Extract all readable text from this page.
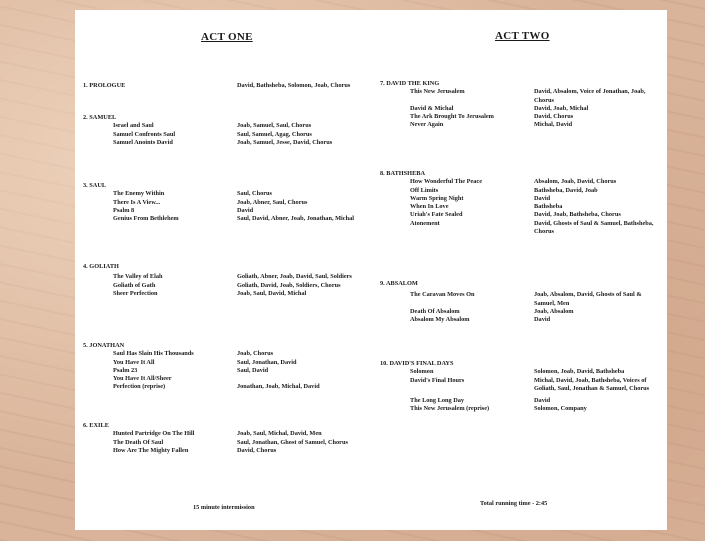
ACT ONE
1. PROLOGUE	David, Bathsheba, Solomon, Joab, Chorus
2. SAMUEL
Israel and Saul	Joab, Samuel, Saul, Chorus
Samuel Confronts Saul	Saul, Samuel, Agag, Chorus
Samuel Anoints David	Joab, Samuel, Jesse, David, Chorus
3. SAUL
The Enemy Within	Saul, Chorus
There Is A View...	Joab, Abner, Saul, Chorus
Psalm 8	David
Genius From Bethlehem	Saul, David, Abner, Joab, Jonathan, Michal
4. GOLIATH
The Valley of Elah	Goliath, Abner, Joab, David, Saul, Soldiers
Goliath of Gath	Goliath, David, Joab, Soldiers, Chorus
Sheer Perfection	Joab, Saul, David, Michal
5. JONATHAN
Saul Has Slain His Thousands	Joab, Chorus
You Have It All	Saul, Jonathan, David
Psalm 23	Saul, David
You Have It All/Sheer
Perfection (reprise)	Jonathan, Joab, Michal, David
6. EXILE
Hunted Partridge On The Hill	Joab, Saul, Michal, David, Men
The Death Of Saul	Saul, Jonathan, Ghost of Samuel, Chorus
How Are The Mighty Fallen	David, Chorus
15 minute intermission
ACT TWO
7. DAVID THE KING
This New Jerusalem	David, Absalom, Voice of Jonathan, Joab, Chorus
David & Michal	David, Joab, Michal
The Ark Brought To Jerusalem	David, Chorus
Never Again	Michal, David
8. BATHSHEBA
How Wonderful The Peace	Absalom, Joab, David, Chorus
Off Limits	Bathsheba, David, Joab
Warm Spring Night	David
When In Love	Bathsheba
Uriah's Fate Sealed	David, Joab, Bathsheba, Chorus
Atonement	David, Ghosts of Saul & Samuel, Bathsheba, Chorus
9. ABSALOM
The Caravan Moves On	Joab, Absalom, David, Ghosts of Saul & Samuel, Men
Death Of Absalom	Joab, Absalom
Absalom My Absalom	David
10. DAVID'S FINAL DAYS
Solomon	Solomon, Joab, David, Bathsheba
David's Final Hours	Michal, David, Joab, Bathsheba, Voices of Goliath, Saul, Jonathan & Samuel, Chorus
The Long Long Day	David
This New Jerusalem (reprise)	Solomon, Company
Total running time - 2:45
